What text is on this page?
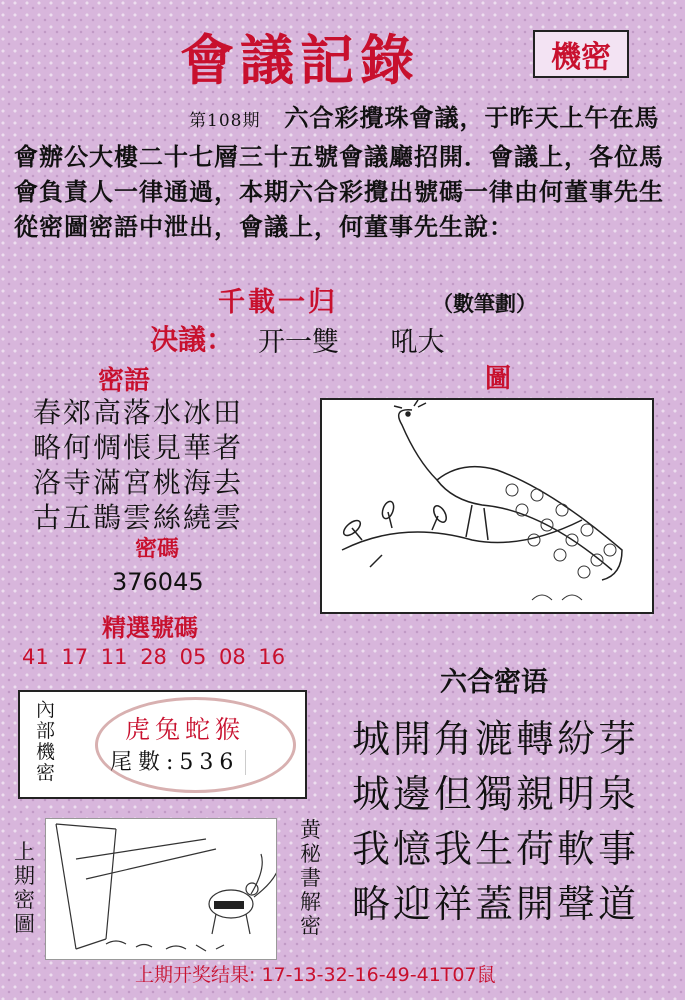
會議記錄	機密
第108期 六合彩攪珠會議，于昨天上午在馬會辦公大樓二十七層三十五號會議廳招開．會議上，各位馬會負責人一律通過，本期六合彩攪出號碼一律由何董事先生從密圖密語中泄出，會議上，何董事先生說：
千載一归	（數筆劃）
决議： 开一雙      吼大
密語	圖
春郊高落水冰田
略何惆悵見華者
洛寺滿宮桃海去
古五鵲雲絲繞雲
密碼
376045
精選號碼
41 17 11 28 05 08 16
內部機密
虎兔蛇猴
尾數:536
六合密语
城開角漉轉紛芽
城邊但獨親明泉
我憶我生荷軟事
略迎祥蓋開聲道
上期密圖
黄秘書解密
上期开奖结果: 17-13-32-16-49-41T07鼠
